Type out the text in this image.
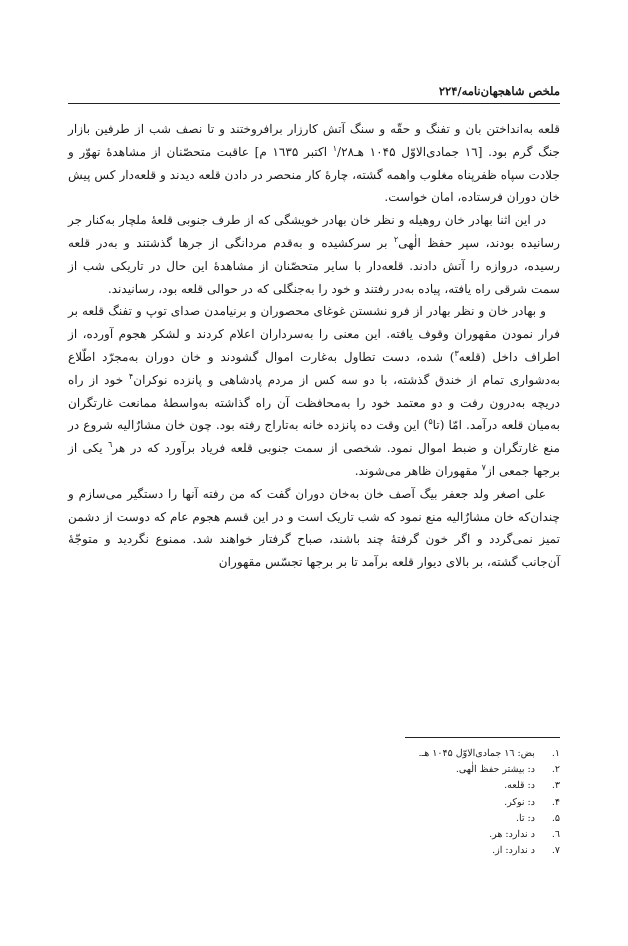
ملخص شاهجهان‌نامه/۲۲۴

قلعه به‌انداختن بان و تفنگ و حقّه و سنگ آتش کارزار برافروختند و تا نصف شب از طرفین بازار جنگ گرم بود. [۱٦ جمادی‌الاوّل ۱۰۴۵ هـ$^۱$/۲۸ اکتبر ۱٦۳۵ م] عاقبت متحصّنان از مشاهدۀ تهوّر و جلادت سپاه ظفرپناه مغلوب واهمه گشته، چارۀ کار منحصر در دادن قلعه دیدند و قلعه‌دار کس پیش خان دوران فرستاده، امان خواست.

در این اثنا بهادر خان روهیله و نظر خان بهادر خویشگی که از طرف جنوبی قلعۀ ملچار به‌کنار جر رسانیده بودند، سپر حفظ الٰهی$^۲$ بر سرکشیده و به‌قدم مردانگی از جرها گذشتند و به‌در قلعه رسیده، دروازه را آتش دادند. قلعه‌دار با سایر متحصّنان از مشاهدۀ این حال در تاریکی شب از سمت شرقی راه یافته، پیاده به‌در رفتند و خود را به‌جنگلی که در حوالی قلعه بود، رسانیدند.

و بهادر خان و نظر بهادر از فرو نشستن غوغای محصوران و برنیامدن صدای توپ و تفنگ قلعه بر فرار نمودن مقهوران وقوف یافته. این معنی را به‌سرداران اعلام کردند و لشکر هجوم آورده، از اطراف داخل (قلعه$^۳$) شده، دست تطاول به‌غارت اموال گشودند و خان دوران به‌مجرّد اطّلاع به‌دشواری تمام از خندق گذشته، با دو سه کس از مردم پادشاهی و پانزده نوکران$^۴$ خود از راه دریچه به‌درون رفت و دو معتمد خود را به‌محافظت آن راه گذاشته به‌واسطۀ ممانعت غارتگران به‌میان قلعه درآمد. امّا (تا$^۵$) این وقت ده پانزده خانه به‌تاراج رفته بود. چون خان مشارٌالیه شروع در منع غارتگران و ضبط اموال نمود. شخصی از سمت جنوبی قلعه فریاد برآورد که در هر$^٦$ یکی از برجها جمعی از$^۷$ مقهوران ظاهر می‌شوند.

علی اصغر ولد جعفر بیگ آصف خان به‌خان دوران گفت که من رفته آنها را دستگیر می‌سازم و چندان‌که خان مشارٌالیه منع نمود که شب تاریک است و در این قسم هجوم عام که دوست از دشمن تمیز نمی‌گردد و اگر خون گرفتۀ چند باشند، صباح گرفتار خواهند شد. ممنوع نگردید و متوجّۀ آن‌جانب گشته، بر بالای دیوار قلعه برآمد تا بر برجها تجسّس مقهوران

۱. بض: ۱٦ جمادی‌الاوّل ۱۰۴۵ هـ.
۲. د: بیشتر حفظ الٰهی.
۳. د: قلعه.
۴. د: نوکر.
۵. د: تا.
٦. د ندارد: هر.
۷. د ندارد: از.
